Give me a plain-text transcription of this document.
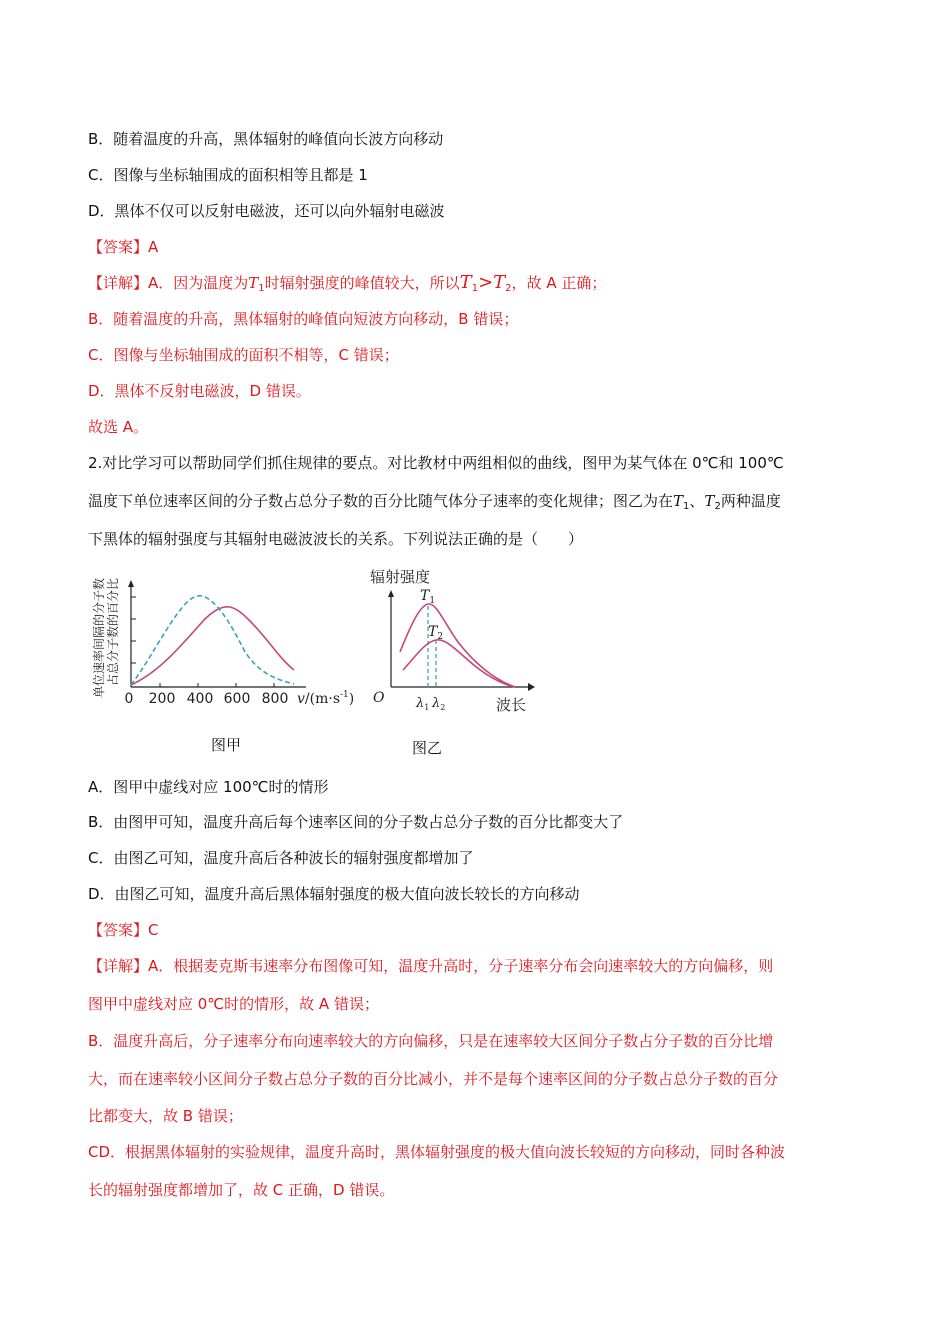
B．随着温度的升高，黑体辐射的峰值向长波方向移动
C．图像与坐标轴围成的面积相等且都是 1
D．黑体不仅可以反射电磁波，还可以向外辐射电磁波
【答案】A
【详解】A．因为温度为$T_1$时辐射强度的峰值较大，所以$T_1>T_2$，故 A 正确；
B．随着温度的升高，黑体辐射的峰值向短波方向移动，B 错误；
C．图像与坐标轴围成的面积不相等，C 错误；
D．黑体不反射电磁波，D 错误。
故选 A。
2.对比学习可以帮助同学们抓住规律的要点。对比教材中两组相似的曲线，图甲为某气体在 0℃和 100℃
温度下单位速率区间的分子数占总分子数的百分比随气体分子速率的变化规律；图乙为在$T_1$、$T_2$两种温度
下黑体的辐射强度与其辐射电磁波波长的关系。下列说法正确的是（　　）
单位速率间隔的分子数 占总分子数的百分比
0 200 400 600 800 $v/(m\cdot s^{-1})$
图甲
辐射强度
$T_1$
$T_2$
O $\lambda_1$ $\lambda_2$	波长
图乙
A．图甲中虚线对应 100℃时的情形
B．由图甲可知，温度升高后每个速率区间的分子数占总分子数的百分比都变大了
C．由图乙可知，温度升高后各种波长的辐射强度都增加了
D．由图乙可知，温度升高后黑体辐射强度的极大值向波长较长的方向移动
【答案】C
【详解】A．根据麦克斯韦速率分布图像可知，温度升高时，分子速率分布会向速率较大的方向偏移，则
图甲中虚线对应 0℃时的情形，故 A 错误；
B．温度升高后，分子速率分布向速率较大的方向偏移，只是在速率较大区间分子数占分子数的百分比增
大，而在速率较小区间分子数占总分子数的百分比减小，并不是每个速率区间的分子数占总分子数的百分
比都变大，故 B 错误；
CD．根据黑体辐射的实验规律，温度升高时，黑体辐射强度的极大值向波长较短的方向移动，同时各种波
长的辐射强度都增加了，故 C 正确，D 错误。
